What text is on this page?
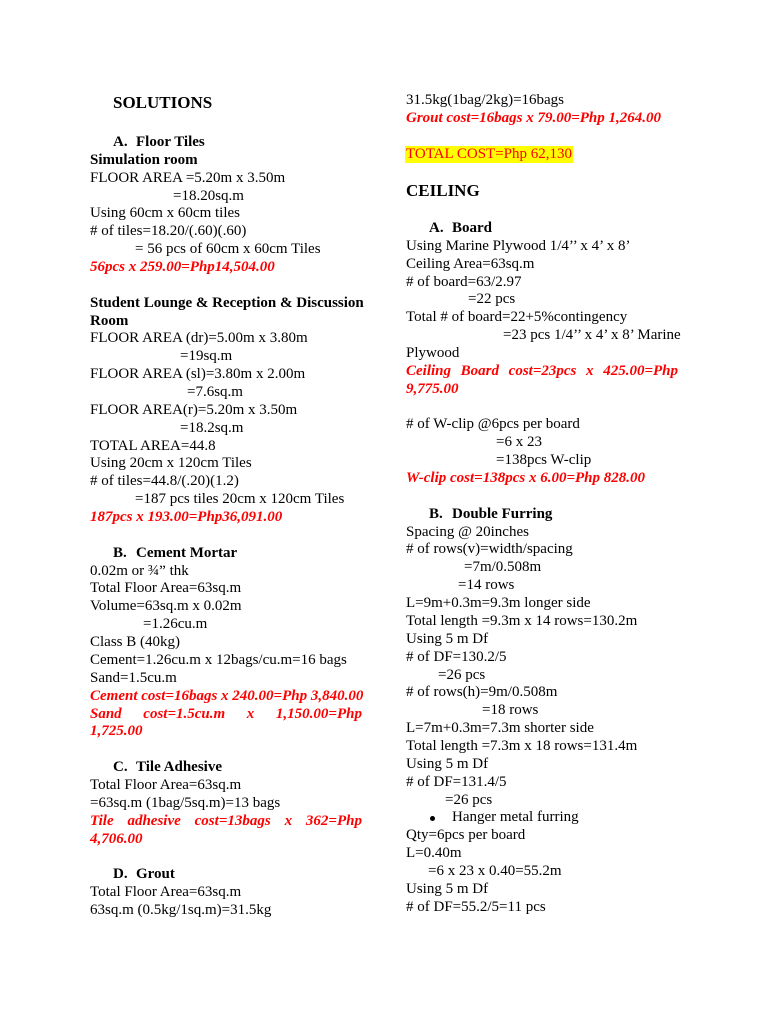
SOLUTIONS
A. Floor Tiles
Simulation room
FLOOR AREA =5.20m x 3.50m
=18.20sq.m
Using 60cm x 60cm tiles
# of tiles=18.20/(.60)(.60)
= 56 pcs of 60cm x 60cm Tiles
56pcs x 259.00=Php14,504.00
Student Lounge & Reception & Discussion
Room
FLOOR AREA (dr)=5.00m x 3.80m
=19sq.m
FLOOR AREA (sl)=3.80m x 2.00m
=7.6sq.m
FLOOR AREA(r)=5.20m x 3.50m
=18.2sq.m
TOTAL AREA=44.8
Using 20cm x 120cm Tiles
# of tiles=44.8/(.20)(1.2)
=187 pcs tiles 20cm x 120cm Tiles
187pcs x 193.00=Php36,091.00
B. Cement Mortar
0.02m or ¾” thk
Total Floor Area=63sq.m
Volume=63sq.m x 0.02m
=1.26cu.m
Class B (40kg)
Cement=1.26cu.m x 12bags/cu.m=16 bags
Sand=1.5cu.m
Cement cost=16bags x 240.00=Php 3,840.00
Sand cost=1.5cu.m x 1,150.00=Php
1,725.00
C. Tile Adhesive
Total Floor Area=63sq.m
=63sq.m (1bag/5sq.m)=13 bags
Tile adhesive cost=13bags x 362=Php
4,706.00
D. Grout
Total Floor Area=63sq.m
63sq.m (0.5kg/1sq.m)=31.5kg
31.5kg(1bag/2kg)=16bags
Grout cost=16bags x 79.00=Php 1,264.00
TOTAL COST=Php 62,130
CEILING
A. Board
Using Marine Plywood 1/4’’ x 4’ x 8’
Ceiling Area=63sq.m
# of board=63/2.97
=22 pcs
Total # of board=22+5%contingency
=23 pcs 1/4’’ x 4’ x 8’ Marine
Plywood
Ceiling Board cost=23pcs x 425.00=Php
9,775.00
# of W-clip @6pcs per board
=6 x 23
=138pcs W-clip
W-clip cost=138pcs x 6.00=Php 828.00
B. Double Furring
Spacing @ 20inches
# of rows(v)=width/spacing
=7m/0.508m
=14 rows
L=9m+0.3m=9.3m longer side
Total length =9.3m x 14 rows=130.2m
Using 5 m Df
# of DF=130.2/5
=26 pcs
# of rows(h)=9m/0.508m
=18 rows
L=7m+0.3m=7.3m shorter side
Total length =7.3m x 18 rows=131.4m
Using 5 m Df
# of DF=131.4/5
=26 pcs
Hanger metal furring
Qty=6pcs per board
L=0.40m
=6 x 23 x 0.40=55.2m
Using 5 m Df
# of DF=55.2/5=11 pcs
